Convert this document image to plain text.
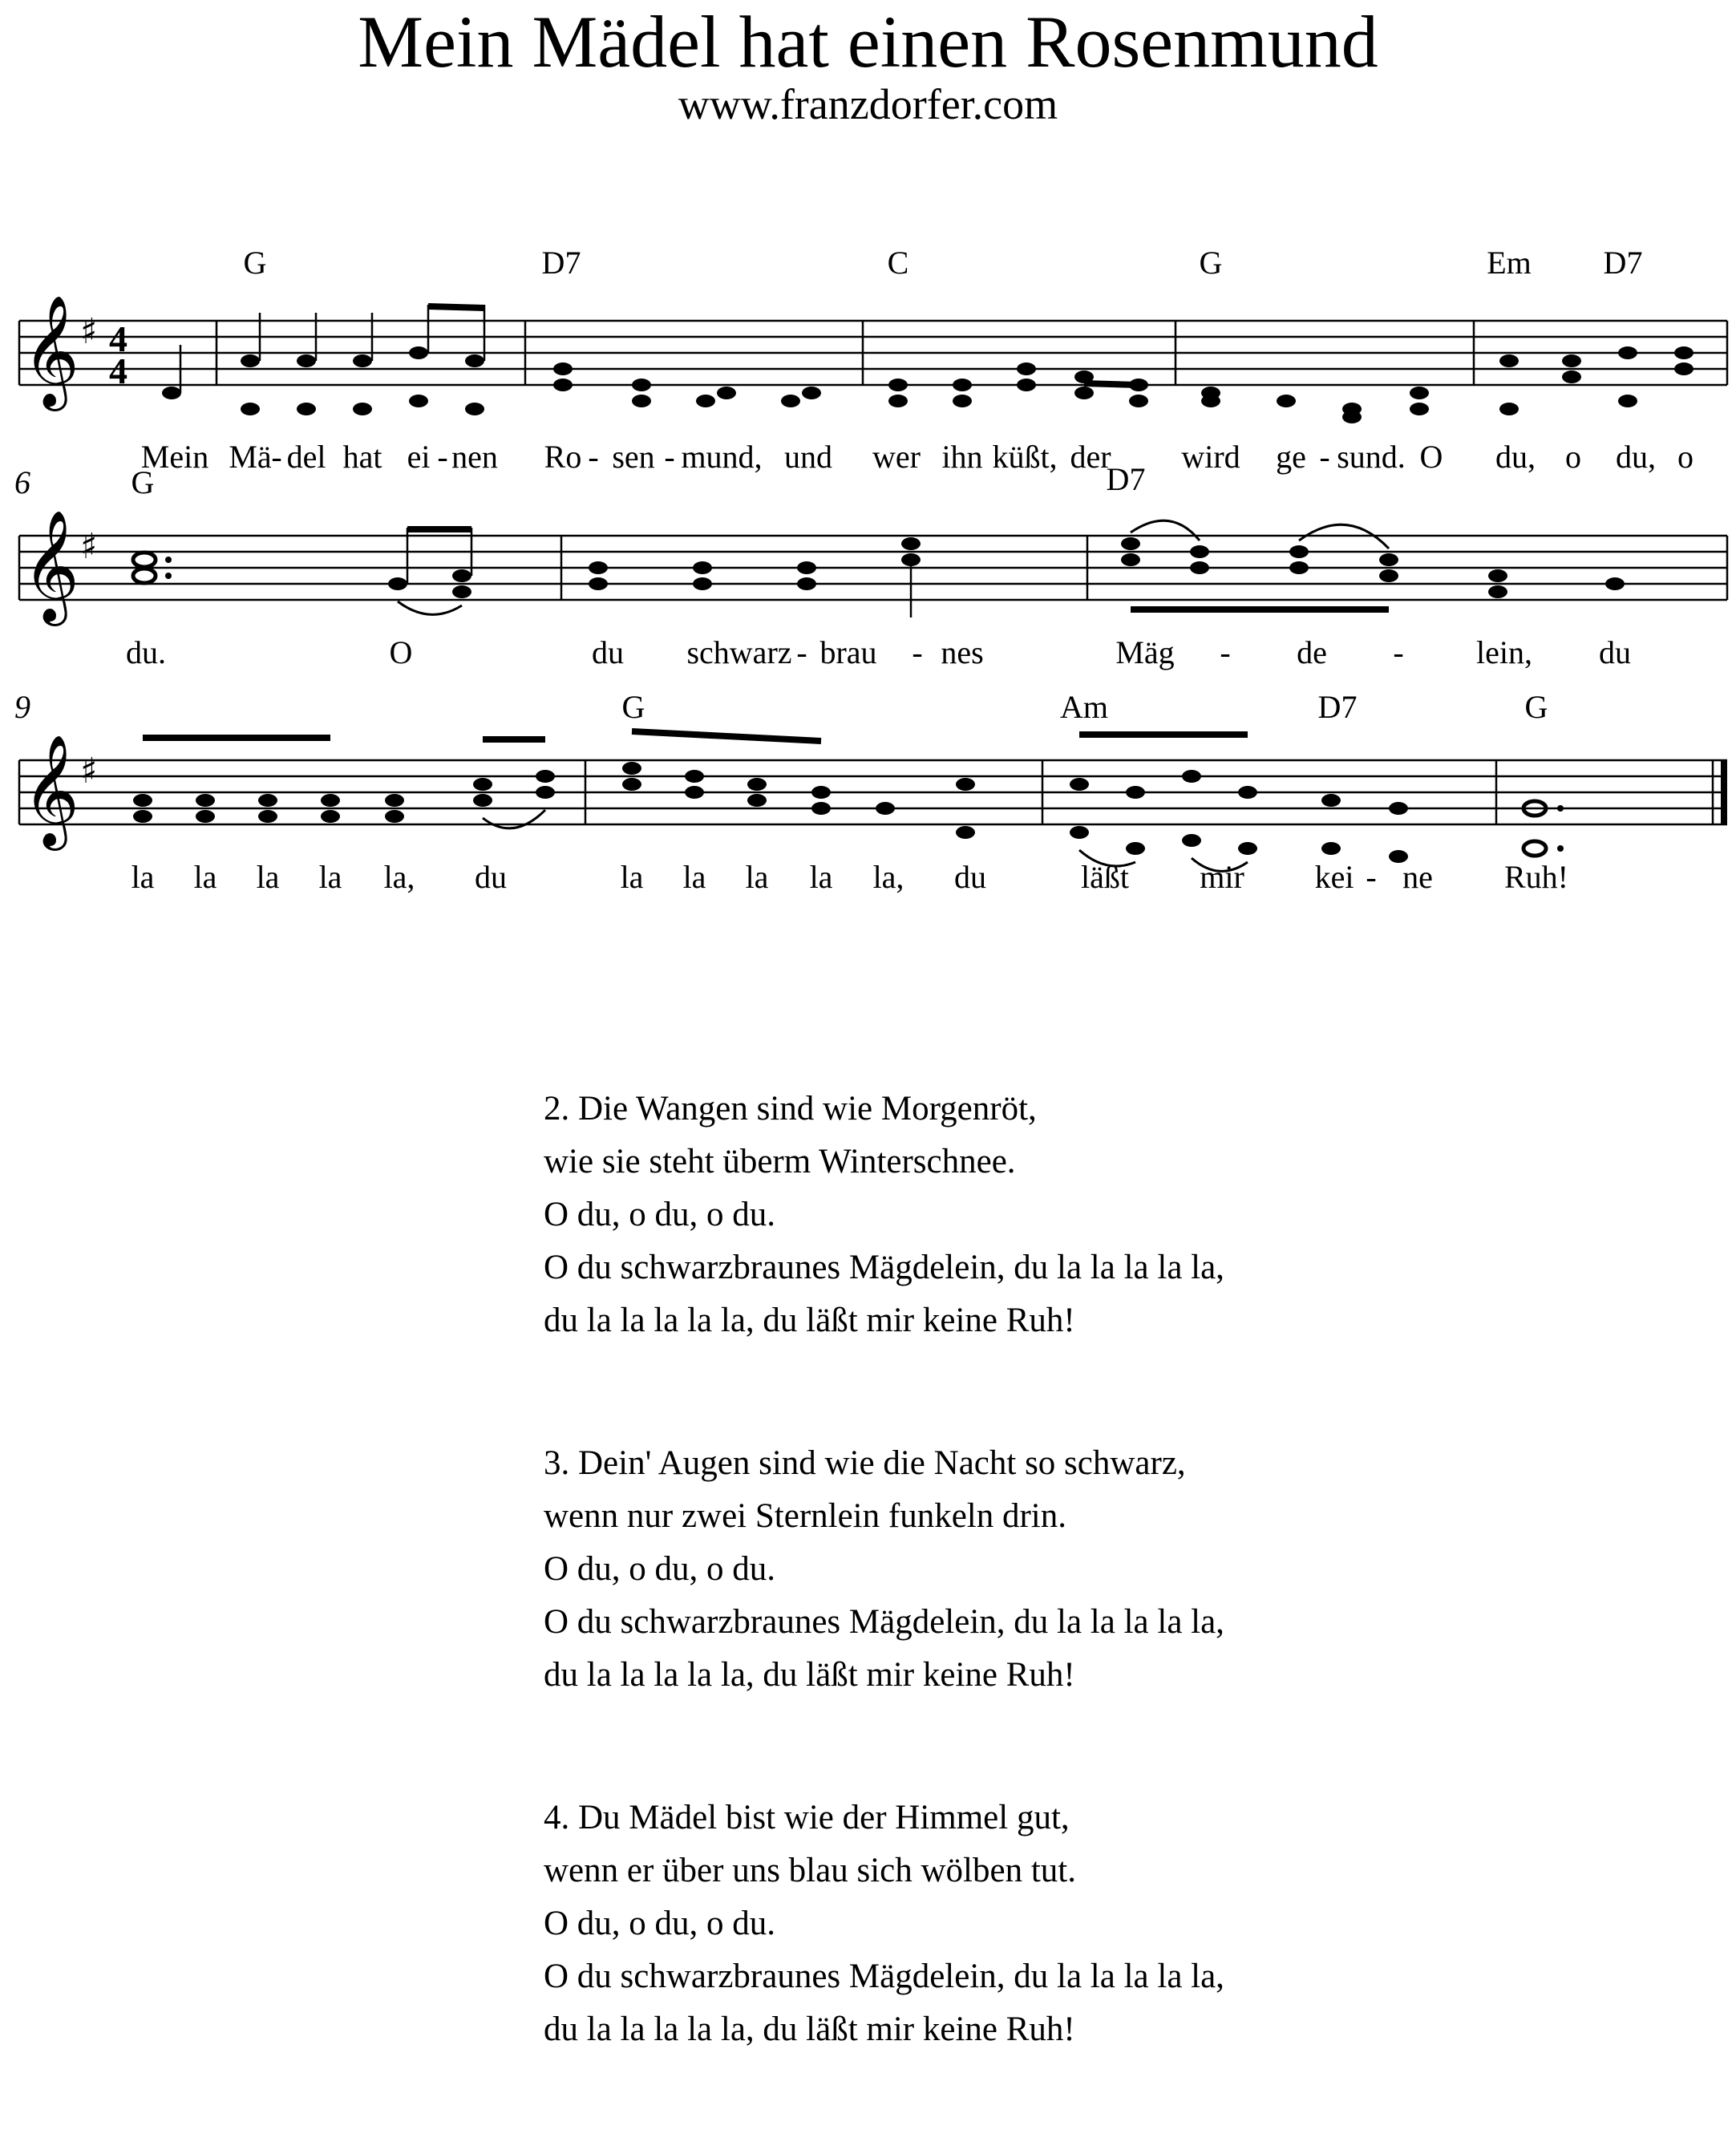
Mein Mädel hat einen Rosenmund
www.franzdorfer.com
G	D7	C	G	Em D7
𝄞 ♯ 4
4
Mein Mä - del hat ei - nen Ro - sen - mund, und wer ihn küßt, der wird ge - sund. O du, o du, o
6	G	D7
𝄞 ♯
du.	O	du schwarz - brau - nes	Mäg - de - lein, du
9	G	Am	D7	G
𝄞 ♯
la la la la la, du	la la la la la, du	läßt mir kei - ne Ruh!
2. Die Wangen sind wie Morgenröt,
wie sie steht überm Winterschnee.
O du, o du, o du.
O du schwarzbraunes Mägdelein, du la la la la la,
du la la la la la, du läßt mir keine Ruh!
3. Dein' Augen sind wie die Nacht so schwarz,
wenn nur zwei Sternlein funkeln drin.
O du, o du, o du.
O du schwarzbraunes Mägdelein, du la la la la la,
du la la la la la, du läßt mir keine Ruh!
4. Du Mädel bist wie der Himmel gut,
wenn er über uns blau sich wölben tut.
O du, o du, o du.
O du schwarzbraunes Mägdelein, du la la la la la,
du la la la la la, du läßt mir keine Ruh!
